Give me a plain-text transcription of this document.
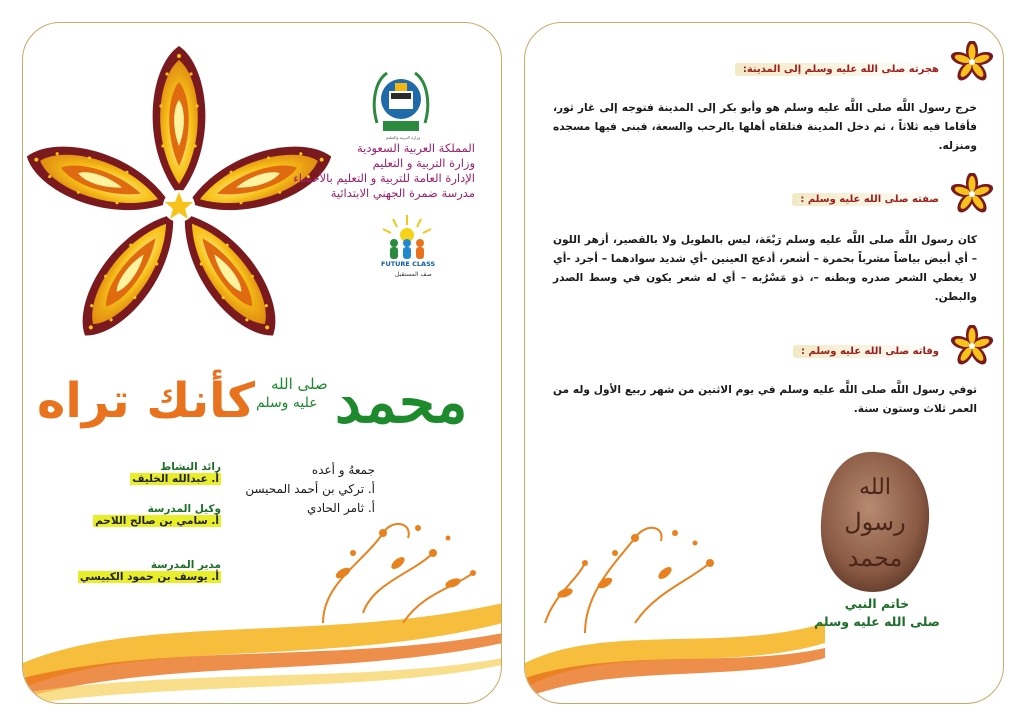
وزارة التربية والتعليم
المملكة العربية السعودية
وزارة التربية و التعليم
الإدارة العامة للتربية و التعليم بالأحساء
مدرسة ضمرة الجهني الابتدائية
FUTURE CLASS
صف المستقبل
محمد
صلى الله
عليه وسلم
كأنك تراه
جمعهُ و أعده
أ. تركي بن أحمد المحيسن
أ. ثامر الحادي
رائد النشاط
أ. عبدالله الخليف
وكيل المدرسة
أ. سامي بن صالح اللاحم
مدير المدرسة
أ. يوسف بن حمود الكبيسي
هجرته صلى الله عليه وسلم إلى المدينة:
خرج رسول اللَّه صلى اللَّه عليه وسلم هو وأبو بكر إلى المدينة فتوجه إلى غار ثور، فأقاما فيه ثلاثاً ، ثم دخل المدينة فتلقاه أهلها بالرحب والسعة، فبنى فيها مسجده ومنزله.
صفته صلى الله عليه وسلم :
كان رسول اللَّه صلى اللَّه عليه وسلم رَبْعَة، ليس بالطويل ولا بالقصير، أزهر اللون – أي أبيض بياضاً مشرباً بحمرة – أشعر، أدعج العينين -أي شديد سوادهما – أجرد -أي لا يغطي الشعر صدره وبطنه –، ذو مَسْرُبه – أي له شعر يكون في وسط الصدر والبطن.
وفاته صلى الله عليه وسلم :
توفي رسول اللَّه صلى اللَّه عليه وسلم في يوم الاثنين من شهر ربيع الأول وله من العمر ثلاث وستون سنة.
الله
رسول
محمد
خاتم النبي
صلى الله عليه وسلم
